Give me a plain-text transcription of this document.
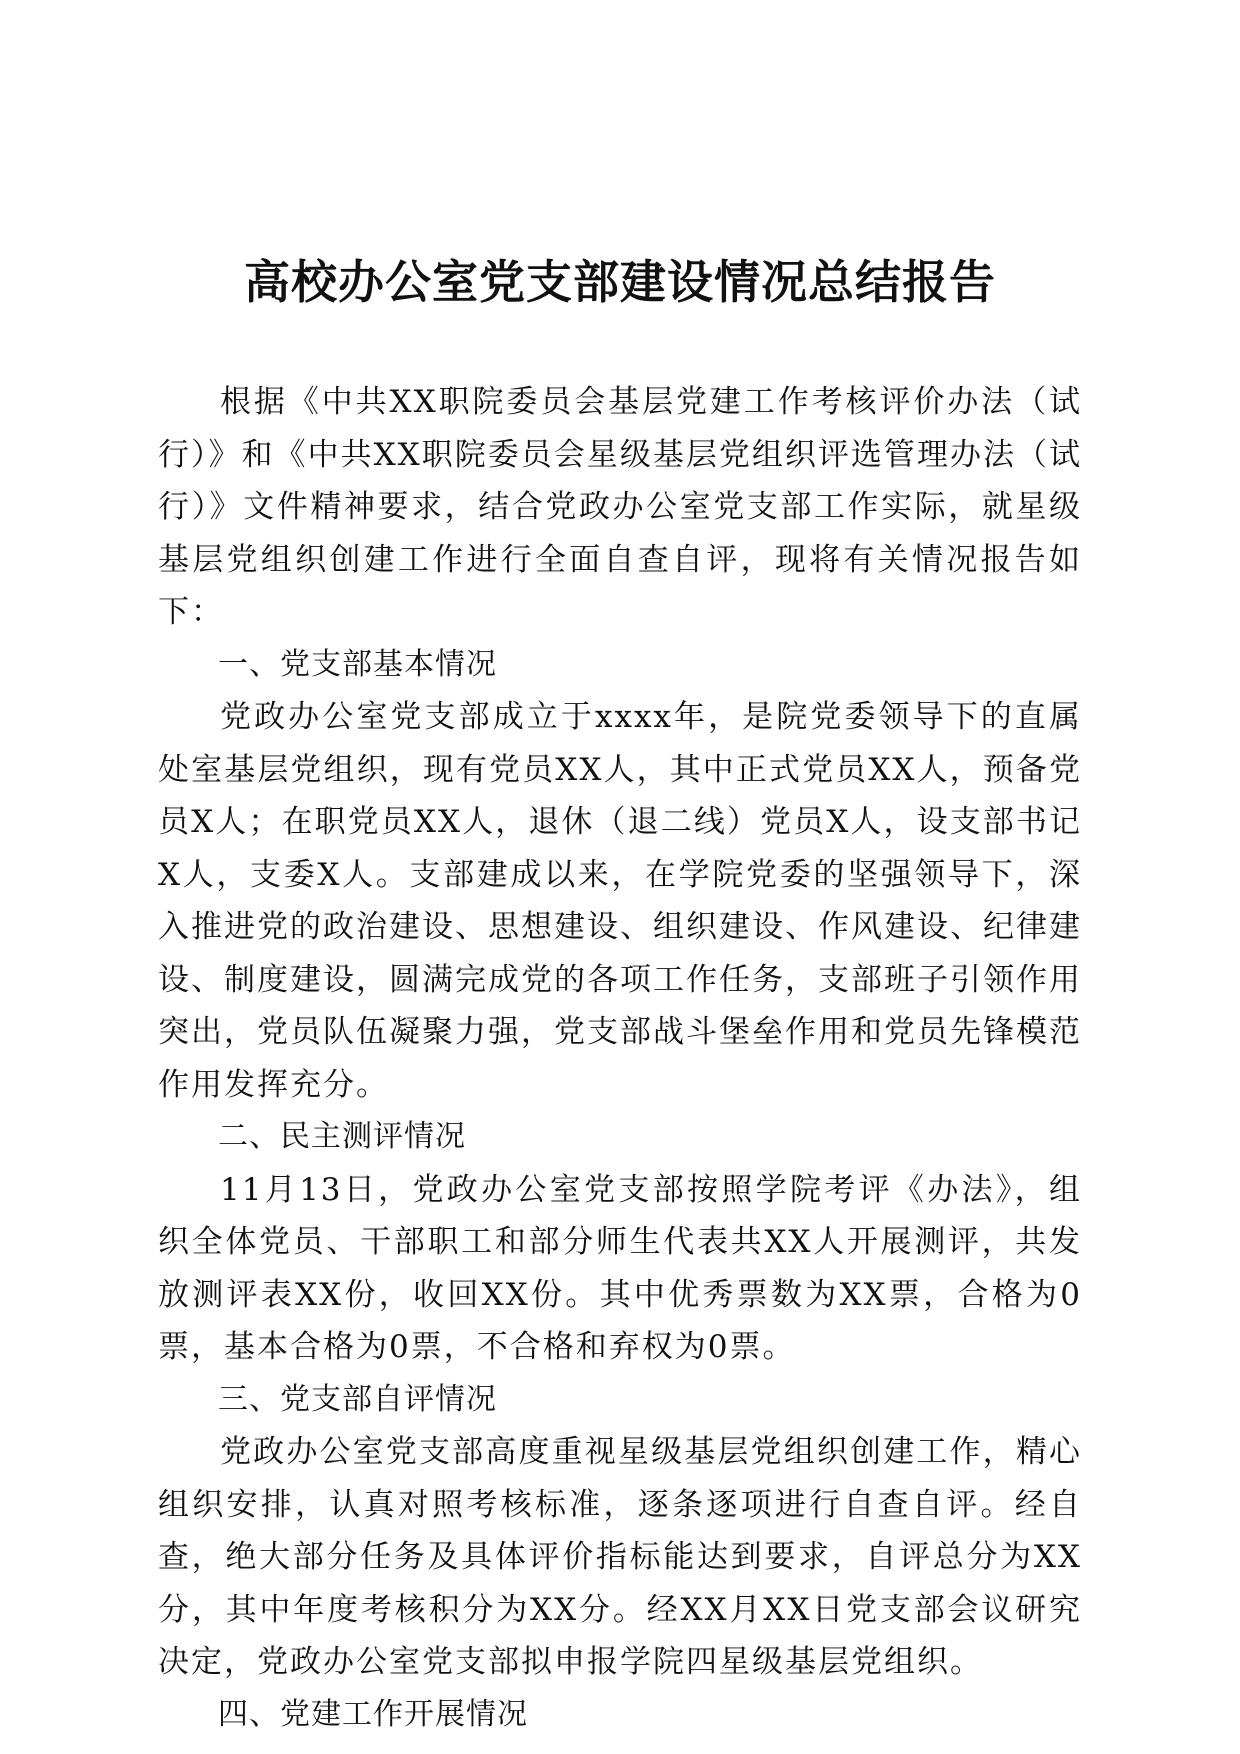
高校办公室党支部建设情况总结报告

根据《中共XX职院委员会基层党建工作考核评价办法（试行）》和《中共XX职院委员会星级基层党组织评选管理办法（试行）》文件精神要求，结合党政办公室党支部工作实际，就星级基层党组织创建工作进行全面自查自评，现将有关情况报告如下：

一、党支部基本情况

党政办公室党支部成立于xxxx年，是院党委领导下的直属处室基层党组织，现有党员XX人，其中正式党员XX人，预备党员X人；在职党员XX人，退休（退二线）党员X人，设支部书记X人，支委X人。支部建成以来，在学院党委的坚强领导下，深入推进党的政治建设、思想建设、组织建设、作风建设、纪律建设、制度建设，圆满完成党的各项工作任务，支部班子引领作用突出，党员队伍凝聚力强，党支部战斗堡垒作用和党员先锋模范作用发挥充分。

二、民主测评情况

11月13日，党政办公室党支部按照学院考评《办法》，组织全体党员、干部职工和部分师生代表共XX人开展测评，共发放测评表XX份，收回XX份。其中优秀票数为XX票，合格为0票，基本合格为0票，不合格和弃权为0票。

三、党支部自评情况

党政办公室党支部高度重视星级基层党组织创建工作，精心组织安排，认真对照考核标准，逐条逐项进行自查自评。经自查，绝大部分任务及具体评价指标能达到要求，自评总分为XX分，其中年度考核积分为XX分。经XX月XX日党支部会议研究决定，党政办公室党支部拟申报学院四星级基层党组织。

四、党建工作开展情况
